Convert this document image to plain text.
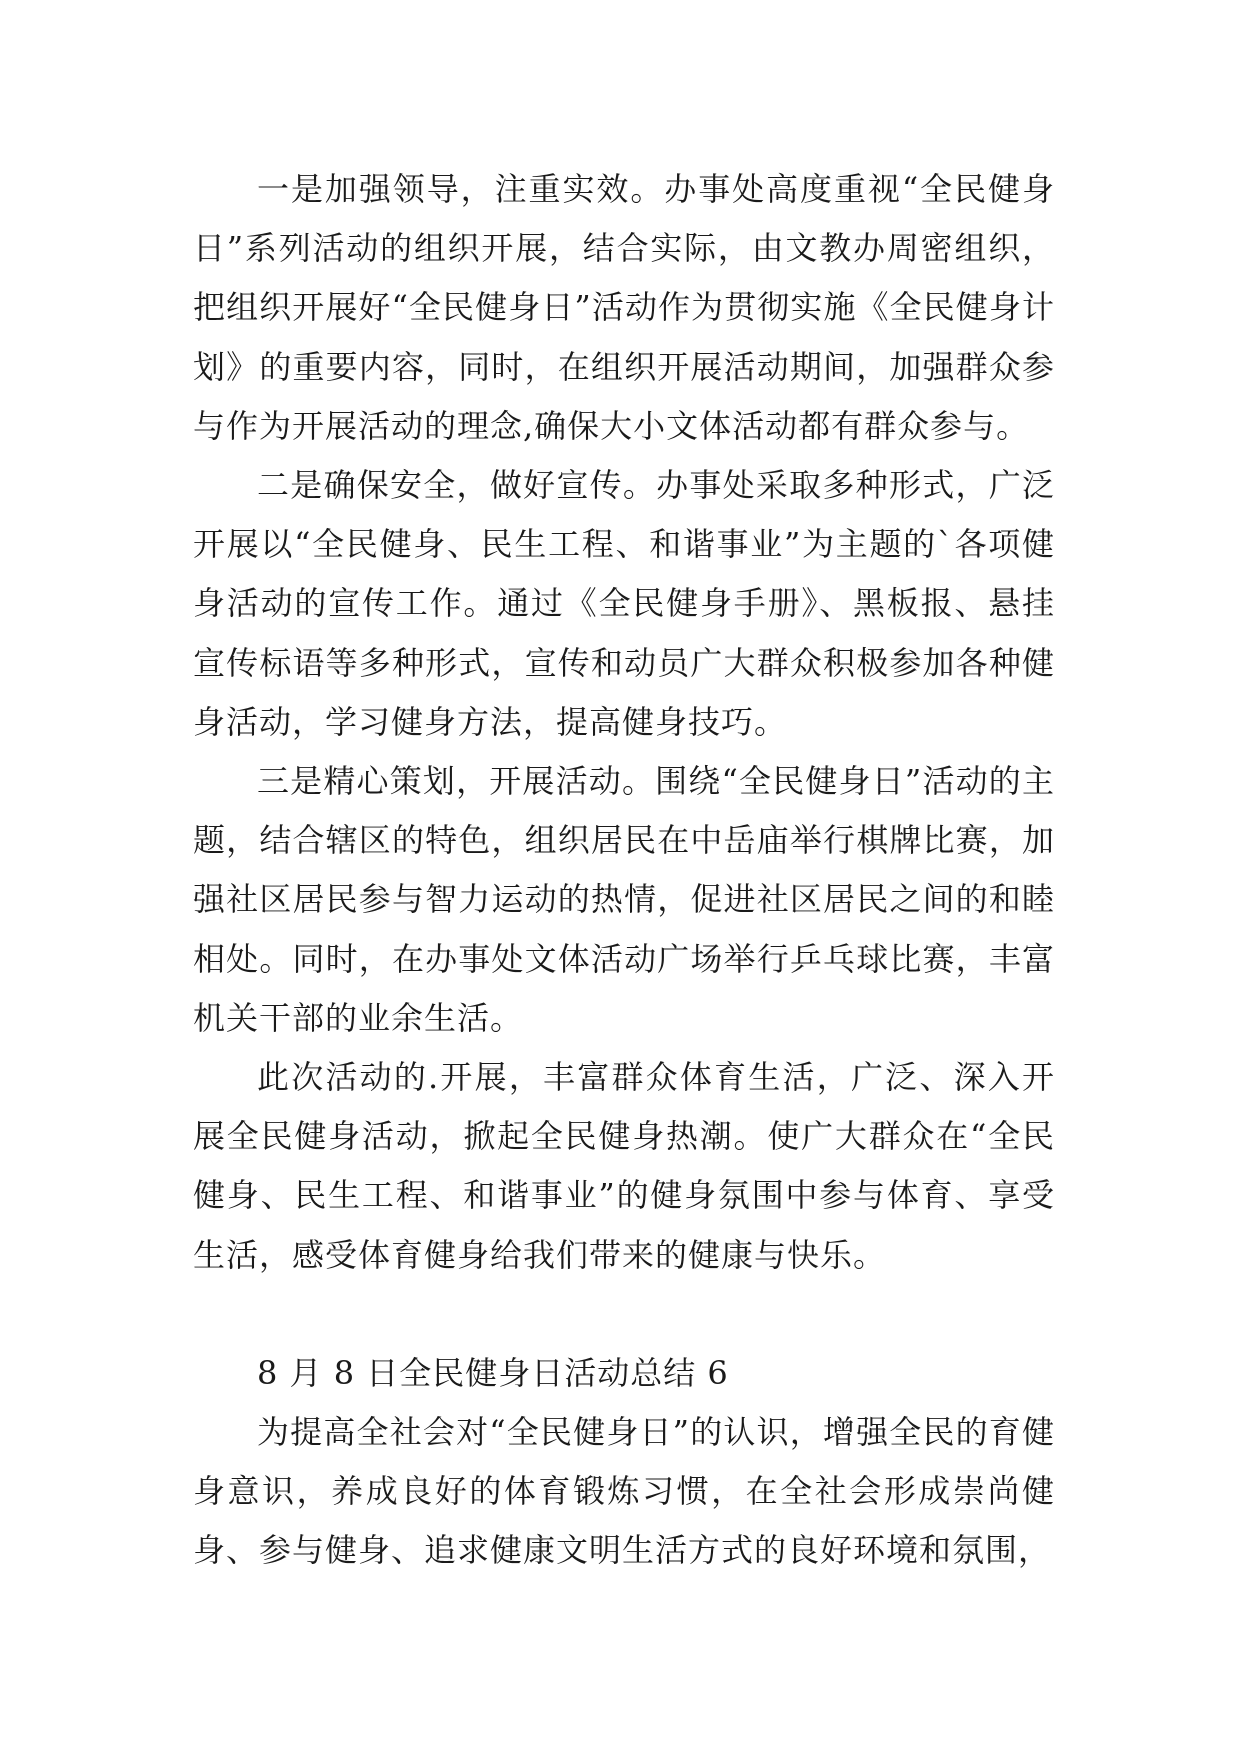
一是加强领导，注重实效。办事处高度重视“全民健身日”系列活动的组织开展，结合实际，由文教办周密组织，把组织开展好“全民健身日”活动作为贯彻实施《全民健身计划》的重要内容，同时，在组织开展活动期间，加强群众参与作为开展活动的理念,确保大小文体活动都有群众参与。

二是确保安全，做好宣传。办事处采取多种形式，广泛开展以“全民健身、民生工程、和谐事业”为主题的`各项健身活动的宣传工作。通过《全民健身手册》、黑板报、悬挂宣传标语等多种形式，宣传和动员广大群众积极参加各种健身活动，学习健身方法，提高健身技巧。

三是精心策划，开展活动。围绕“全民健身日”活动的主题，结合辖区的特色，组织居民在中岳庙举行棋牌比赛，加强社区居民参与智力运动的热情，促进社区居民之间的和睦相处。同时，在办事处文体活动广场举行乒乓球比赛，丰富机关干部的业余生活。

此次活动的.开展，丰富群众体育生活，广泛、深入开展全民健身活动，掀起全民健身热潮。使广大群众在“全民健身、民生工程、和谐事业”的健身氛围中参与体育、享受生活，感受体育健身给我们带来的健康与快乐。

8 月 8 日全民健身日活动总结 6

为提高全社会对“全民健身日”的认识，增强全民的育健身意识，养成良好的体育锻炼习惯，在全社会形成崇尚健身、参与健身、追求健康文明生活方式的良好环境和氛围，
